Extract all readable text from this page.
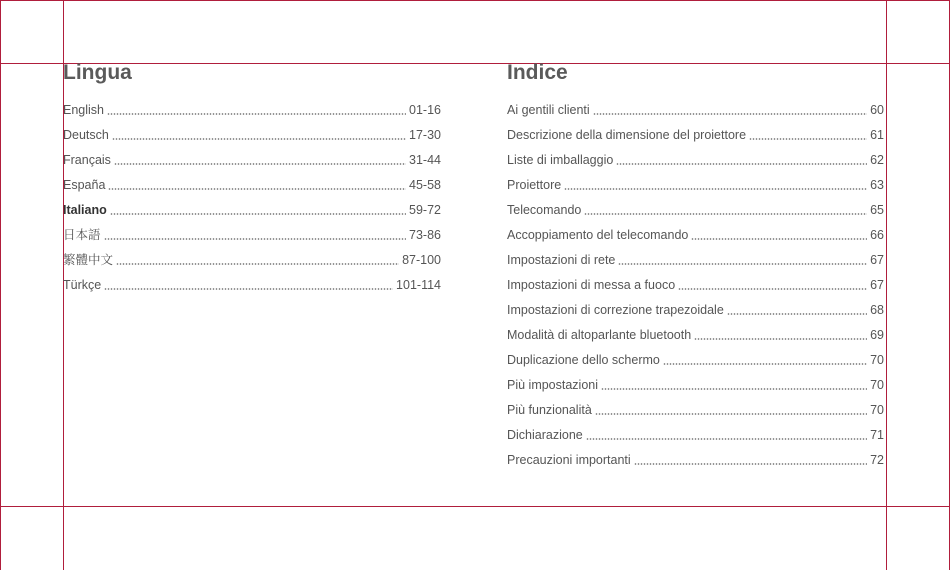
Lingua
English	01-16
Deutsch	17-30
Français	31-44
España	45-58
Italiano	59-72
日本語	73-86
繁體中文	87-100
Türkçe	101-114
Indice
Ai gentili clienti	60
Descrizione della dimensione del proiettore	61
Liste di imballaggio	62
Proiettore	63
Telecomando	65
Accoppiamento del telecomando	66
Impostazioni di rete	67
Impostazioni di messa a fuoco	67
Impostazioni di correzione trapezoidale	68
Modalità di altoparlante bluetooth	69
Duplicazione dello schermo	70
Più impostazioni	70
Più funzionalità	70
Dichiarazione	71
Precauzioni importanti	72
